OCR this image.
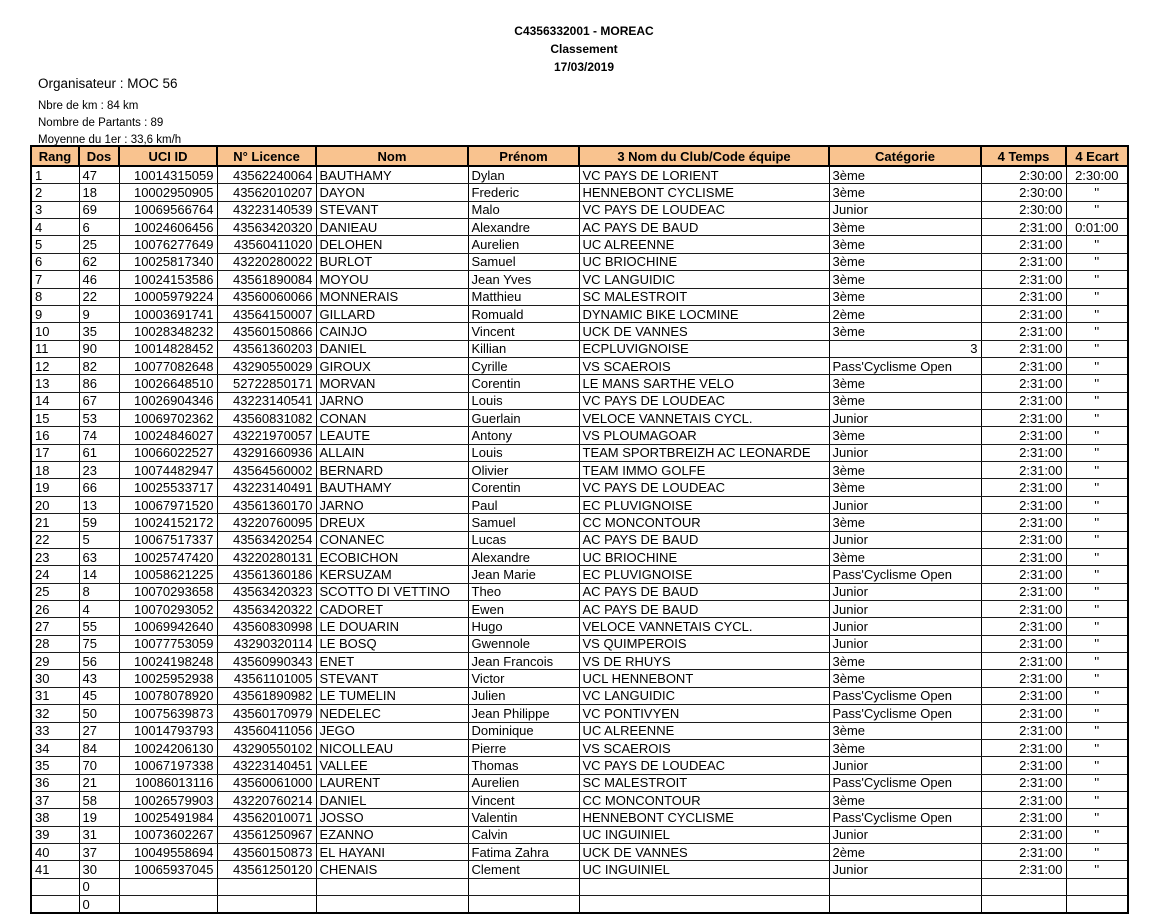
C4356332001 - MOREAC
Classement
17/03/2019
Organisateur : MOC 56
Nbre de km : 84 km
Nombre de Partants : 89
Moyenne du 1er : 33,6 km/h
Rang	Dos	UCI ID	N° Licence	Nom	Prénom	3 Nom du Club/Code équipe	Catégorie	4 Temps	4 Ecart
1	47	10014315059	43562240064	BAUTHAMY	Dylan	VC PAYS DE LORIENT	3ème	2:30:00	2:30:00
2	18	10002950905	43562010207	DAYON	Frederic	HENNEBONT CYCLISME	3ème	2:30:00	''
3	69	10069566764	43223140539	STEVANT	Malo	VC PAYS DE LOUDEAC	Junior	2:30:00	''
4	6	10024606456	43563420320	DANIEAU	Alexandre	AC PAYS DE BAUD	3ème	2:31:00	0:01:00
5	25	10076277649	43560411020	DELOHEN	Aurelien	UC ALREENNE	3ème	2:31:00	''
6	62	10025817340	43220280022	BURLOT	Samuel	UC BRIOCHINE	3ème	2:31:00	''
7	46	10024153586	43561890084	MOYOU	Jean Yves	VC LANGUIDIC	3ème	2:31:00	''
8	22	10005979224	43560060066	MONNERAIS	Matthieu	SC MALESTROIT	3ème	2:31:00	''
9	9	10003691741	43564150007	GILLARD	Romuald	DYNAMIC BIKE LOCMINE	2ème	2:31:00	''
10	35	10028348232	43560150866	CAINJO	Vincent	UCK DE VANNES	3ème	2:31:00	''
11	90	10014828452	43561360203	DANIEL	Killian	ECPLUVIGNOISE	3	2:31:00	''
12	82	10077082648	43290550029	GIROUX	Cyrille	VS SCAEROIS	Pass'Cyclisme Open	2:31:00	''
13	86	10026648510	52722850171	MORVAN	Corentin	LE MANS SARTHE VELO	3ème	2:31:00	''
14	67	10026904346	43223140541	JARNO	Louis	VC PAYS DE LOUDEAC	3ème	2:31:00	''
15	53	10069702362	43560831082	CONAN	Guerlain	VELOCE VANNETAIS CYCL.	Junior	2:31:00	''
16	74	10024846027	43221970057	LEAUTE	Antony	VS PLOUMAGOAR	3ème	2:31:00	''
17	61	10066022527	43291660936	ALLAIN	Louis	TEAM SPORTBREIZH AC LEONARDE	Junior	2:31:00	''
18	23	10074482947	43564560002	BERNARD	Olivier	TEAM IMMO GOLFE	3ème	2:31:00	''
19	66	10025533717	43223140491	BAUTHAMY	Corentin	VC PAYS DE LOUDEAC	3ème	2:31:00	''
20	13	10067971520	43561360170	JARNO	Paul	EC PLUVIGNOISE	Junior	2:31:00	''
21	59	10024152172	43220760095	DREUX	Samuel	CC MONCONTOUR	3ème	2:31:00	''
22	5	10067517337	43563420254	CONANEC	Lucas	AC PAYS DE BAUD	Junior	2:31:00	''
23	63	10025747420	43220280131	ECOBICHON	Alexandre	UC BRIOCHINE	3ème	2:31:00	''
24	14	10058621225	43561360186	KERSUZAM	Jean Marie	EC PLUVIGNOISE	Pass'Cyclisme Open	2:31:00	''
25	8	10070293658	43563420323	SCOTTO DI VETTINO	Theo	AC PAYS DE BAUD	Junior	2:31:00	''
26	4	10070293052	43563420322	CADORET	Ewen	AC PAYS DE BAUD	Junior	2:31:00	''
27	55	10069942640	43560830998	LE DOUARIN	Hugo	VELOCE VANNETAIS CYCL.	Junior	2:31:00	''
28	75	10077753059	43290320114	LE BOSQ	Gwennole	VS QUIMPEROIS	Junior	2:31:00	''
29	56	10024198248	43560990343	ENET	Jean Francois	VS DE RHUYS	3ème	2:31:00	''
30	43	10025952938	43561101005	STEVANT	Victor	UCL HENNEBONT	3ème	2:31:00	''
31	45	10078078920	43561890982	LE TUMELIN	Julien	VC LANGUIDIC	Pass'Cyclisme Open	2:31:00	''
32	50	10075639873	43560170979	NEDELEC	Jean Philippe	VC PONTIVYEN	Pass'Cyclisme Open	2:31:00	''
33	27	10014793793	43560411056	JEGO	Dominique	UC ALREENNE	3ème	2:31:00	''
34	84	10024206130	43290550102	NICOLLEAU	Pierre	VS SCAEROIS	3ème	2:31:00	''
35	70	10067197338	43223140451	VALLEE	Thomas	VC PAYS DE LOUDEAC	Junior	2:31:00	''
36	21	10086013116	43560061000	LAURENT	Aurelien	SC MALESTROIT	Pass'Cyclisme Open	2:31:00	''
37	58	10026579903	43220760214	DANIEL	Vincent	CC MONCONTOUR	3ème	2:31:00	''
38	19	10025491984	43562010071	JOSSO	Valentin	HENNEBONT CYCLISME	Pass'Cyclisme Open	2:31:00	''
39	31	10073602267	43561250967	EZANNO	Calvin	UC INGUINIEL	Junior	2:31:00	''
40	37	10049558694	43560150873	EL HAYANI	Fatima Zahra	UCK DE VANNES	2ème	2:31:00	''
41	30	10065937045	43561250120	CHENAIS	Clement	UC INGUINIEL	Junior	2:31:00	''
	0								
	0								
